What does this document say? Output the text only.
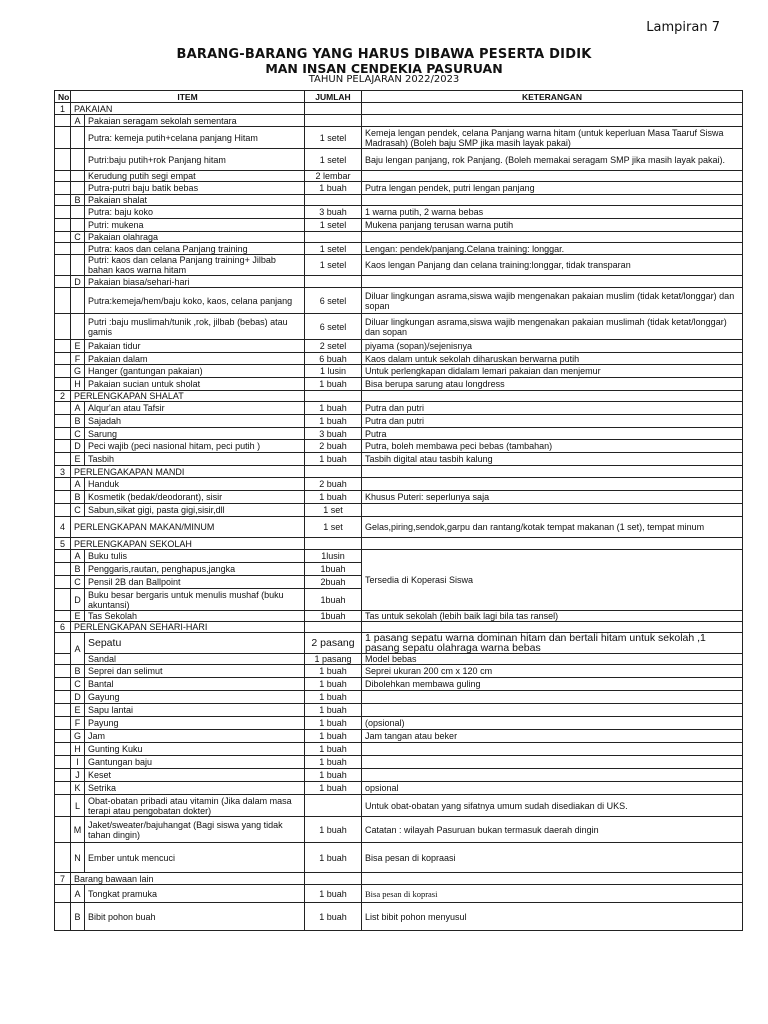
Lampiran 7
BARANG-BARANG YANG HARUS DIBAWA PESERTA DIDIK
MAN INSAN CENDEKIA PASURUAN
TAHUN PELAJARAN 2022/2023
No	ITEM		JUMLAH	KETERANGAN
1	PAKAIAN			
	A	Pakaian seragam sekolah sementara		
		Putra: kemeja putih+celana panjang Hitam	1 setel	Kemeja lengan pendek, celana Panjang warna hitam (untuk keperluan Masa Taaruf Siswa Madrasah) (Boleh baju SMP jika masih layak pakai)
		Putri:baju putih+rok Panjang hitam	1 setel	Baju lengan panjang, rok Panjang. (Boleh memakai seragam SMP jika masih layak pakai).
		Kerudung putih segi empat	2 lembar	
		Putra-putri baju batik bebas	1 buah	Putra lengan pendek, putri lengan panjang
	B	Pakaian shalat		
		Putra: baju koko	3 buah	1 warna putih, 2 warna bebas
		Putri: mukena	1 setel	Mukena panjang terusan warna putih
	C	Pakaian olahraga		
		Putra: kaos dan celana Panjang training	1 setel	Lengan: pendek/panjang.Celana training: longgar.
		Putri: kaos dan celana Panjang training+ Jilbab bahan kaos warna hitam	1 setel	Kaos lengan Panjang dan celana training:longgar, tidak transparan
	D	Pakaian biasa/sehari-hari		
		Putra:kemeja/hem/baju koko, kaos, celana panjang	6 setel	Diluar lingkungan asrama,siswa wajib mengenakan pakaian muslim (tidak ketat/longgar) dan sopan
		Putri :baju muslimah/tunik ,rok, jilbab (bebas) atau gamis	6 setel	Diluar lingkungan asrama,siswa wajib mengenakan pakaian muslimah (tidak ketat/longgar) dan sopan
	E	Pakaian tidur	2 setel	piyama (sopan)/sejenisnya
	F	Pakaian dalam	6 buah	Kaos dalam untuk sekolah diharuskan berwarna putih
	G	Hanger (gantungan pakaian)	1 lusin	Untuk perlengkapan didalam lemari pakaian dan menjemur
	H	Pakaian sucian untuk sholat	1 buah	Bisa berupa sarung atau longdress
2	PERLENGKAPAN SHALAT			
	A	Alqur'an atau Tafsir	1 buah	Putra dan putri
	B	Sajadah	1 buah	Putra dan putri
	C	Sarung	3 buah	Putra
	D	Peci wajib (peci nasional hitam, peci putih )	2 buah	Putra, boleh membawa peci bebas (tambahan)
	E	Tasbih	1 buah	Tasbih digital atau tasbih kalung
3	PERLENGAKAPAN MANDI			
	A	Handuk	2 buah	
	B	Kosmetik (bedak/deodorant), sisir	1 buah	Khusus Puteri: seperlunya saja
	C	Sabun,sikat gigi, pasta gigi,sisir,dll	1 set	
4	PERLENGKAPAN MAKAN/MINUM		1 set	Gelas,piring,sendok,garpu dan rantang/kotak tempat makanan (1 set), tempat minum
5	PERLENGKAPAN SEKOLAH			
	A	Buku tulis	1lusin	Tersedia di Koperasi Siswa
	B	Penggaris,rautan, penghapus,jangka	1buah	
	C	Pensil 2B dan Ballpoint	2buah	
	D	Buku besar bergaris untuk menulis mushaf (buku akuntansi)	1buah	
	E	Tas Sekolah	1buah	Tas untuk sekolah (lebih baik lagi bila tas ransel)
6	PERLENGKAPAN SEHARI-HARI			
	A	Sepatu	2 pasang	1 pasang sepatu warna dominan hitam dan bertali hitam untuk sekolah ,1 pasang sepatu olahraga warna bebas
		Sandal	1 pasang	Model bebas
	B	Seprei dan selimut	1 buah	Seprei ukuran 200 cm x 120 cm
	C	Bantal	1 buah	Dibolehkan membawa guling
	D	Gayung	1 buah	
	E	Sapu lantai	1 buah	
	F	Payung	1 buah	(opsional)
	G	Jam	1 buah	Jam tangan atau beker
	H	Gunting Kuku	1 buah	
	I	Gantungan baju	1 buah	
	J	Keset	1 buah	
	K	Setrika	1 buah	opsional
	L	Obat-obatan pribadi atau vitamin (Jika dalam masa terapi atau pengobatan dokter)		Untuk obat-obatan yang sifatnya umum sudah disediakan di UKS.
	M	Jaket/sweater/bajuhangat (Bagi siswa yang tidak tahan dingin)	1 buah	Catatan : wilayah Pasuruan bukan termasuk daerah dingin
	N	Ember untuk mencuci	1 buah	Bisa pesan di kopraasi
7	Barang bawaan lain			
	A	Tongkat pramuka	1 buah	Bisa pesan di koprasi
	B	Bibit pohon buah	1 buah	List bibit pohon menyusul
